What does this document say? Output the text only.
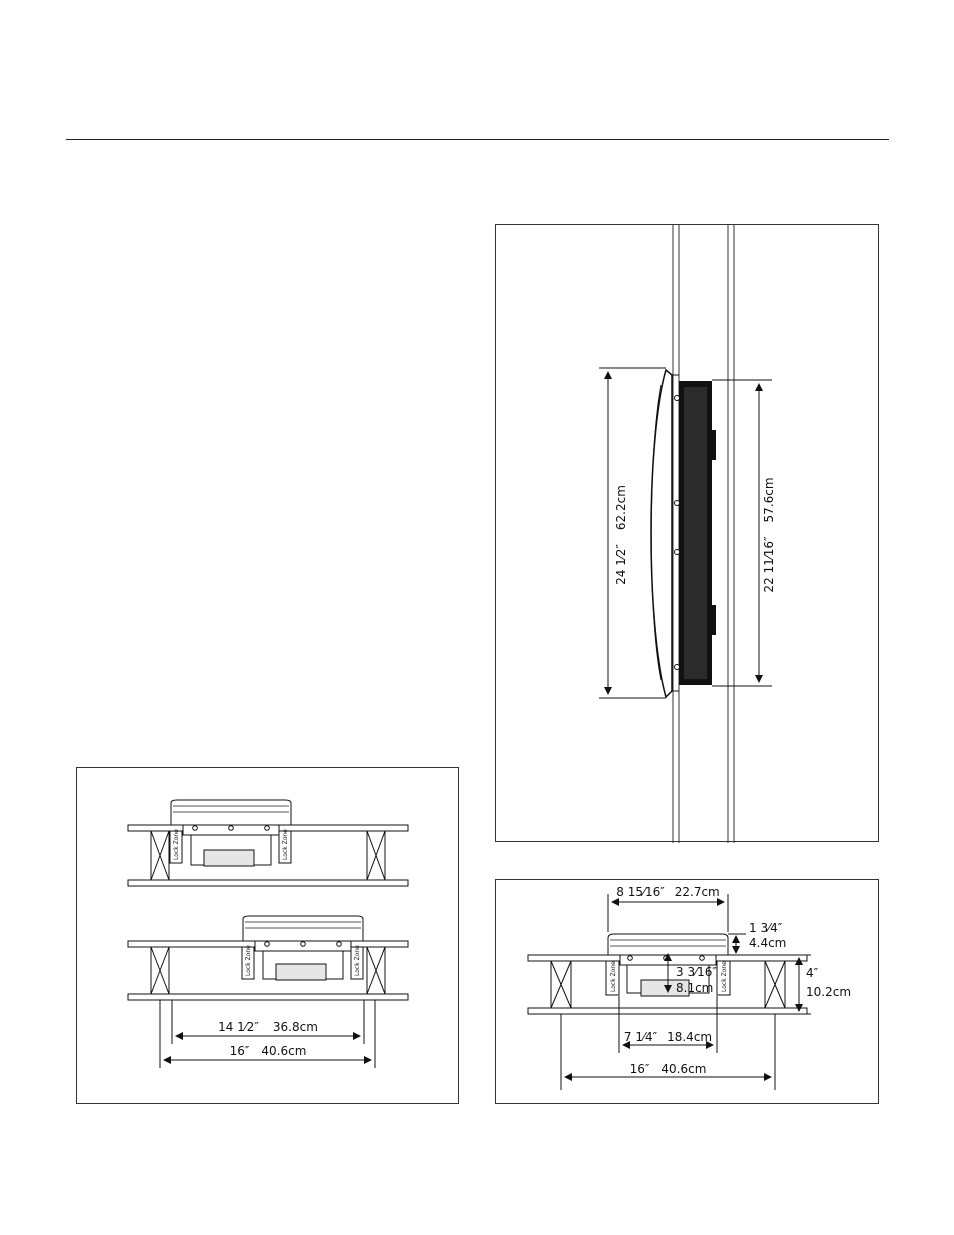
24 1⁄2″62.2cm
22 11⁄16″57.6cm
Lock Zone	Lock Zone
Lock Zone	Lock Zone
14 1⁄2″ 36.8cm
16″ 40.6cm
Lock Zone	Lock Zone
8 15⁄16″ 22.7cm
1 3⁄4″
4.4cm
3 3⁄16″
8.1cm
4″
10.2cm
7 1⁄4″ 18.4cm
16″ 40.6cm
